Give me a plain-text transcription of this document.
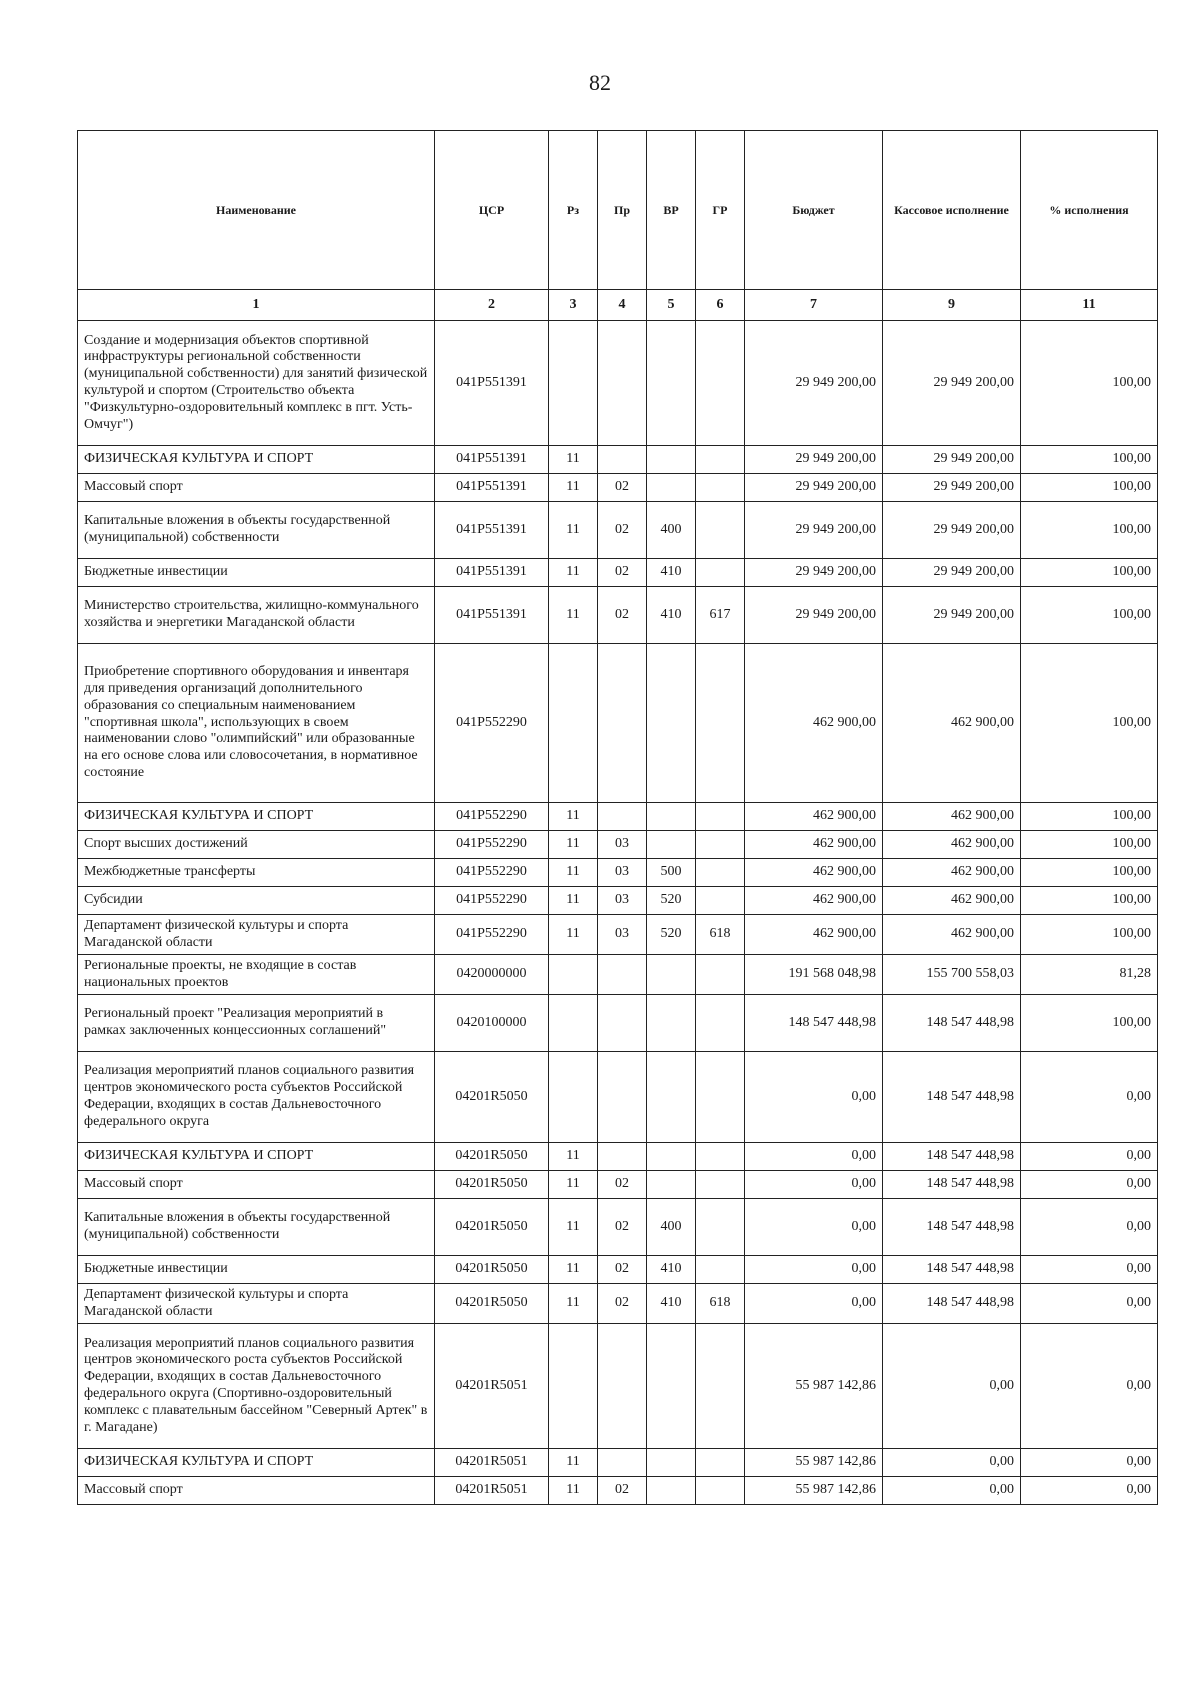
82
Наименование	ЦСР	Рз	Пр	ВР	ГР	Бюджет	Кассовое исполнение	% исполнения
1	2	3	4	5	6	7	9	11
Создание и модернизация объектов спортивной инфраструктуры региональной собственности (муниципальной собственности) для занятий физической культурой и спортом (Строительство объекта "Физкультурно-оздоровительный комплекс в пгт. Усть-Омчуг")	041P551391					29 949 200,00	29 949 200,00	100,00
ФИЗИЧЕСКАЯ КУЛЬТУРА И СПОРТ	041P551391	11				29 949 200,00	29 949 200,00	100,00
Массовый спорт	041P551391	11	02			29 949 200,00	29 949 200,00	100,00
Капитальные вложения в объекты государственной (муниципальной) собственности	041P551391	11	02	400		29 949 200,00	29 949 200,00	100,00
Бюджетные инвестиции	041P551391	11	02	410		29 949 200,00	29 949 200,00	100,00
Министерство строительства, жилищно-коммунального хозяйства и энергетики Магаданской области	041P551391	11	02	410	617	29 949 200,00	29 949 200,00	100,00
Приобретение спортивного оборудования и инвентаря для приведения организаций дополнительного образования со специальным наименованием "спортивная школа", использующих в своем наименовании слово "олимпийский" или образованные на его основе слова или словосочетания, в нормативное состояние	041P552290					462 900,00	462 900,00	100,00
ФИЗИЧЕСКАЯ КУЛЬТУРА И СПОРТ	041P552290	11				462 900,00	462 900,00	100,00
Спорт высших достижений	041P552290	11	03			462 900,00	462 900,00	100,00
Межбюджетные трансферты	041P552290	11	03	500		462 900,00	462 900,00	100,00
Субсидии	041P552290	11	03	520		462 900,00	462 900,00	100,00
Департамент физической культуры и спорта Магаданской области	041P552290	11	03	520	618	462 900,00	462 900,00	100,00
Региональные проекты, не входящие в состав национальных проектов	0420000000					191 568 048,98	155 700 558,03	81,28
Региональный проект "Реализация мероприятий в рамках заключенных концессионных соглашений"	0420100000					148 547 448,98	148 547 448,98	100,00
Реализация мероприятий планов социального развития центров экономического роста субъектов Российской Федерации, входящих в состав Дальневосточного федерального округа	04201R5050					0,00	148 547 448,98	0,00
ФИЗИЧЕСКАЯ КУЛЬТУРА И СПОРТ	04201R5050	11				0,00	148 547 448,98	0,00
Массовый спорт	04201R5050	11	02			0,00	148 547 448,98	0,00
Капитальные вложения в объекты государственной (муниципальной) собственности	04201R5050	11	02	400		0,00	148 547 448,98	0,00
Бюджетные инвестиции	04201R5050	11	02	410		0,00	148 547 448,98	0,00
Департамент физической культуры и спорта Магаданской области	04201R5050	11	02	410	618	0,00	148 547 448,98	0,00
Реализация мероприятий планов социального развития центров экономического роста субъектов Российской Федерации, входящих в состав Дальневосточного федерального округа (Спортивно-оздоровительный комплекс с плавательным бассейном "Северный Артек" в г. Магадане)	04201R5051					55 987 142,86	0,00	0,00
ФИЗИЧЕСКАЯ КУЛЬТУРА И СПОРТ	04201R5051	11				55 987 142,86	0,00	0,00
Массовый спорт	04201R5051	11	02			55 987 142,86	0,00	0,00
